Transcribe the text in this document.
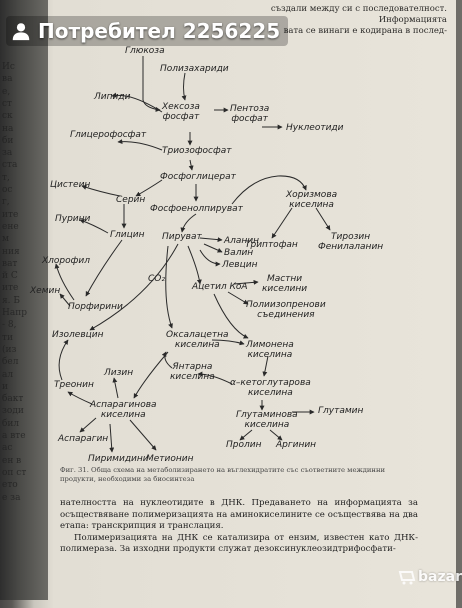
Ис
ва
е,
ст
ск
на
би
за
ста
т,
ос
г,
ите
ене
м
ния
ват
й С
ите
я. Б
Напр
- 8,
ти
(из
бел
ал
и
бакт
зоди
бил
а вте
ас
ен в
оп ст
ето
е за
създали между си с последователност. Информацията
вата се винаги е кодирана в послед-
Глюкоза
Полизахариди
Хексоза
фосфат
Пентоза
фосфат
Нуклеотиди
Липиди
Глицерофосфат
Триозофосфат
Фосфоглицерат
Цистеин
Серин
Пурини
Глицин
Фосфоенолпируват
Хоризмова
киселина
Триптофан
Тирозин
Фенилаланин
Пируват Аланин
Валин
Левцин
Хлорофил
Хемин
Порфирини
CO₂
Ацетил КоА
Мастни
киселини
Полиизопренови
съединения
Изолевцин	Оксалацетна
киселина	Лимонена
киселина
Лизин
Янтарна
киселина
Треонин	α–кетоглутарова
киселина
Аспарагинова
киселина	Глутаминова
киселина
Глутамин
Аспарагин
Пролин Аргинин
Пиримидини
Метионин
Фиг. 31. Обща схема на метаболизирането на въглехидратите със съответните междинни продукти, необходими за биосинтеза

нателността на нуклеотидите в ДНК. Предаването на информацията за осъществяване полимеризацията на аминокиселините се осъществява на два етапа: транскрипция и транслация.

Полимеризацията на ДНК се катализира от ензим, известен като ДНК-полимераза. За изходни продукти служат дезоксинуклеозидтрифосфати-

Потребител 2256225
bazar
